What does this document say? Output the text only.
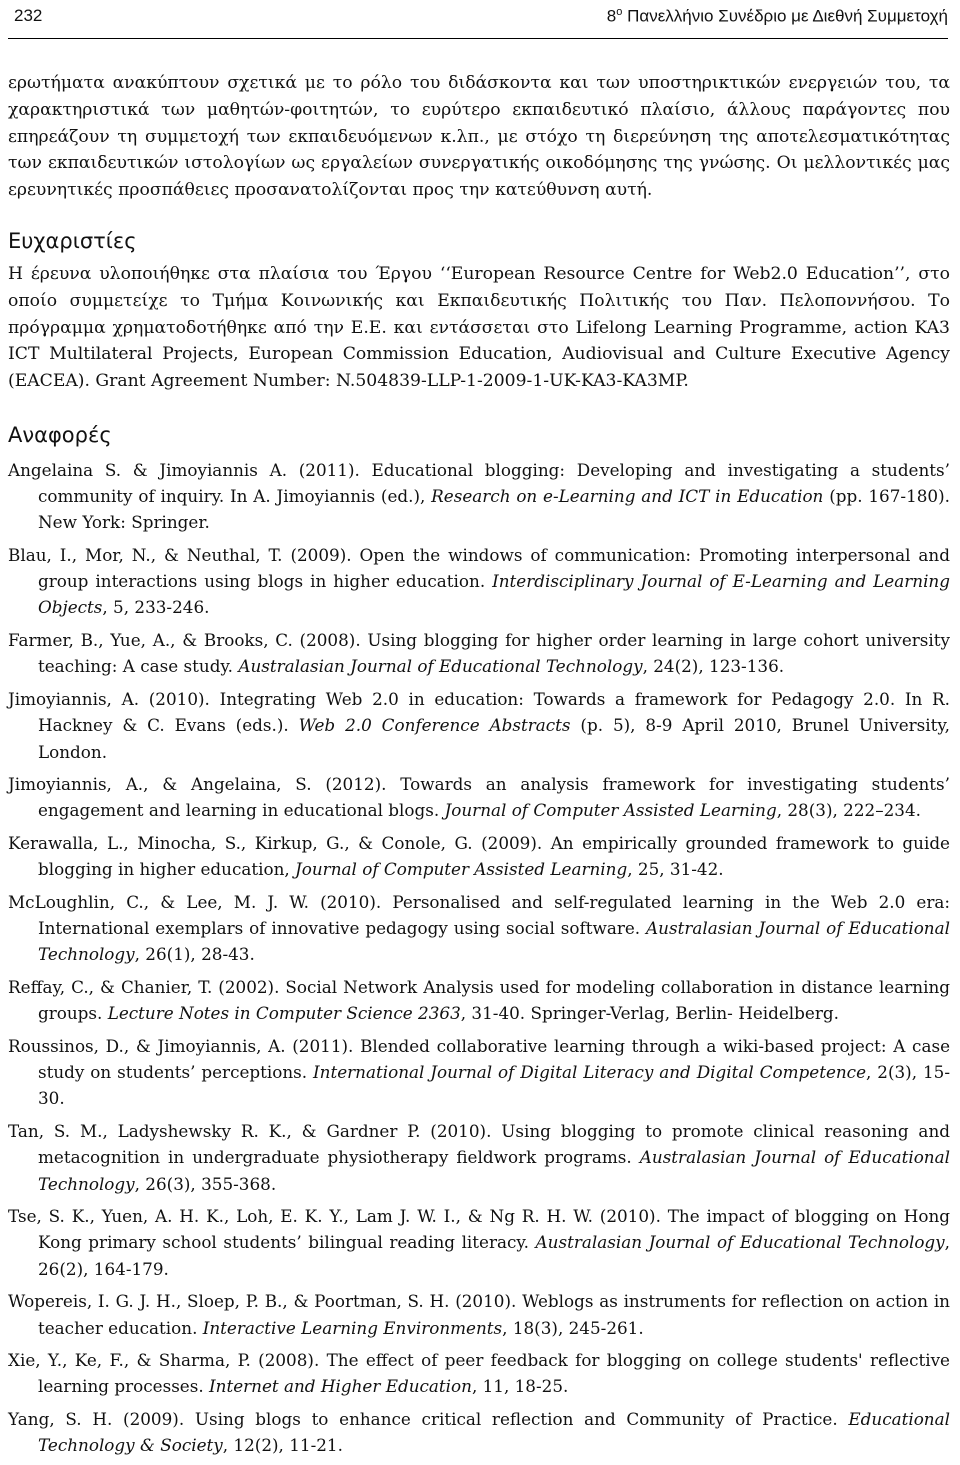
232	$8^o$ Πανελλήνιο Συνέδριο με Διεθνή Συμμετοχή

ερωτήματα ανακύπτουν σχετικά με το ρόλο του διδάσκοντα και των υποστηρικτικών ενεργειών του, τα χαρακτηριστικά των μαθητών-φοιτητών, το ευρύτερο εκπαιδευτικό πλαίσιο, άλλους παράγοντες που επηρεάζουν τη συμμετοχή των εκπαιδευόμενων κ.λπ., με στόχο τη διερεύνηση της αποτελεσματικότητας των εκπαιδευτικών ιστολογίων ως εργαλείων συνεργατικής οικοδόμησης της γνώσης. Οι μελλοντικές μας ερευνητικές προσπάθειες προσανατολίζονται προς την κατεύθυνση αυτή.

Ευχαριστίες

Η έρευνα υλοποιήθηκε στα πλαίσια του Έργου ‘‘European Resource Centre for Web2.0 Education’’, στο οποίο συμμετείχε το Τμήμα Κοινωνικής και Εκπαιδευτικής Πολιτικής του Παν. Πελοποννήσου. Το πρόγραμμα χρηματοδοτήθηκε από την Ε.Ε. και εντάσσεται στο Lifelong Learning Programme, action KA3 ICT Multilateral Projects, European Commission Education, Audiovisual and Culture Executive Agency (EACEA). Grant Agreement Number: N.504839-LLP-1-2009-1-UK-KA3-KA3MP.

Αναφορές
Angelaina S. & Jimoyiannis A. (2011). Educational blogging: Developing and investigating a students’ community of inquiry. In A. Jimoyiannis (ed.), Research on e-Learning and ICT in Education (pp. 167-180). New York: Springer.
Blau, I., Mor, N., & Neuthal, T. (2009). Open the windows of communication: Promoting interpersonal and group interactions using blogs in higher education. Interdisciplinary Journal of E-Learning and Learning Objects, 5, 233-246.
Farmer, B., Yue, A., & Brooks, C. (2008). Using blogging for higher order learning in large cohort university teaching: A case study. Australasian Journal of Educational Technology, 24(2), 123-136.
Jimoyiannis, A. (2010). Integrating Web 2.0 in education: Towards a framework for Pedagogy 2.0. In R. Hackney & C. Evans (eds.). Web 2.0 Conference Abstracts (p. 5), 8-9 April 2010, Brunel University, London.
Jimoyiannis, A., & Angelaina, S. (2012). Towards an analysis framework for investigating students’ engagement and learning in educational blogs. Journal of Computer Assisted Learning, 28(3), 222–234.
Kerawalla, L., Minocha, S., Kirkup, G., & Conole, G. (2009). An empirically grounded framework to guide blogging in higher education, Journal of Computer Assisted Learning, 25, 31-42.
McLoughlin, C., & Lee, M. J. W. (2010). Personalised and self-regulated learning in the Web 2.0 era: International exemplars of innovative pedagogy using social software. Australasian Journal of Educational Technology, 26(1), 28-43.
Reffay, C., & Chanier, T. (2002). Social Network Analysis used for modeling collaboration in distance learning groups. Lecture Notes in Computer Science 2363, 31-40. Springer-Verlag, Berlin- Heidelberg.
Roussinos, D., & Jimoyiannis, A. (2011). Blended collaborative learning through a wiki-based project: A case study on students’ perceptions. International Journal of Digital Literacy and Digital Competence, 2(3), 15-30.
Tan, S. M., Ladyshewsky R. K., & Gardner P. (2010). Using blogging to promote clinical reasoning and metacognition in undergraduate physiotherapy fieldwork programs. Australasian Journal of Educational Technology, 26(3), 355-368.
Tse, S. K., Yuen, A. H. K., Loh, E. K. Y., Lam J. W. I., & Ng R. H. W. (2010). The impact of blogging on Hong Kong primary school students’ bilingual reading literacy. Australasian Journal of Educational Technology, 26(2), 164-179.
Wopereis, I. G. J. H., Sloep, P. B., & Poortman, S. H. (2010). Weblogs as instruments for reflection on action in teacher education. Interactive Learning Environments, 18(3), 245-261.
Xie, Y., Ke, F., & Sharma, P. (2008). The effect of peer feedback for blogging on college students' reflective learning processes. Internet and Higher Education, 11, 18-25.
Yang, S. H. (2009). Using blogs to enhance critical reflection and Community of Practice. Educational Technology & Society, 12(2), 11-21.
